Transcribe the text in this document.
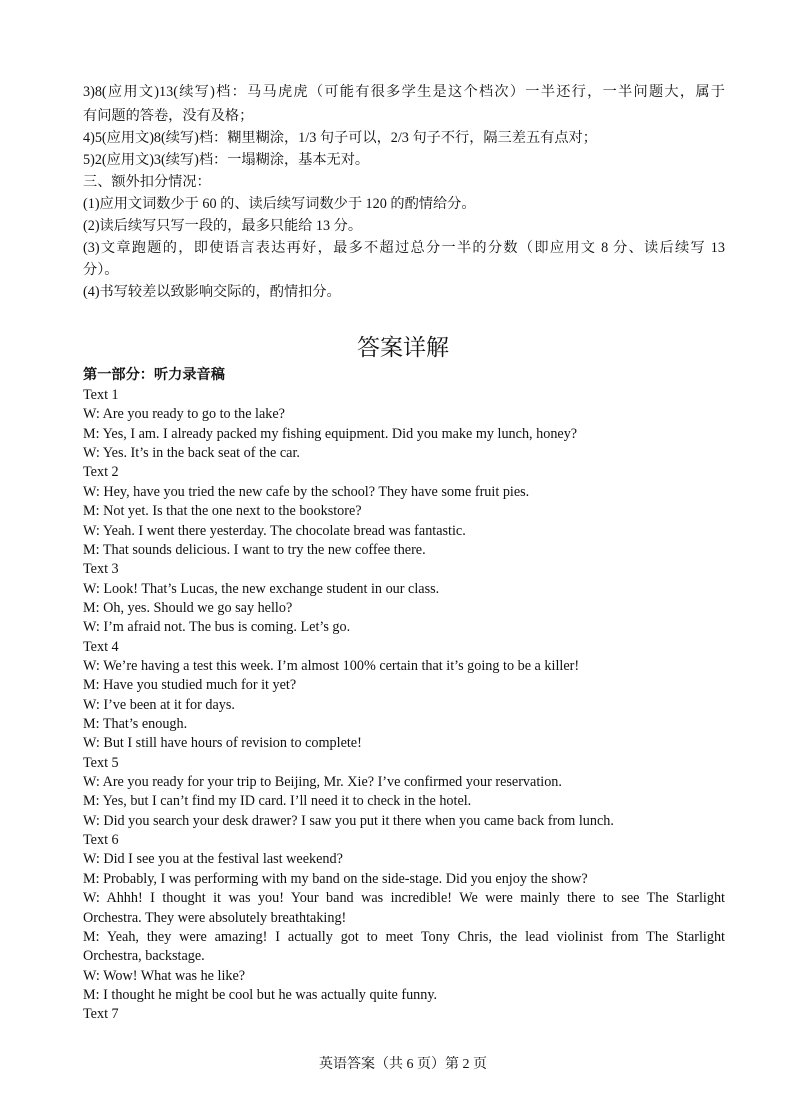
3)8(应用文)13(续写)档：马马虎虎（可能有很多学生是这个档次）一半还行，一半问题大，属于
有问题的答卷，没有及格；
4)5(应用文)8(续写)档：糊里糊涂，1/3 句子可以，2/3 句子不行，隔三差五有点对；
5)2(应用文)3(续写)档：一塌糊涂，基本无对。
三、额外扣分情况：
(1)应用文词数少于 60 的、读后续写词数少于 120 的酌情给分。
(2)读后续写只写一段的，最多只能给 13 分。
(3)文章跑题的，即使语言表达再好，最多不超过总分一半的分数（即应用文 8 分、读后续写 13
分）。
(4)书写较差以致影响交际的，酌情扣分。
答案详解
第一部分：听力录音稿
Text 1
W: Are you ready to go to the lake?
M: Yes, I am. I already packed my fishing equipment. Did you make my lunch, honey?
W: Yes. It’s in the back seat of the car.
Text 2
W: Hey, have you tried the new cafe by the school? They have some fruit pies.
M: Not yet. Is that the one next to the bookstore?
W: Yeah. I went there yesterday. The chocolate bread was fantastic.
M: That sounds delicious. I want to try the new coffee there.
Text 3
W: Look! That’s Lucas, the new exchange student in our class.
M: Oh, yes. Should we go say hello?
W: I’m afraid not. The bus is coming. Let’s go.
Text 4
W: We’re having a test this week. I’m almost 100% certain that it’s going to be a killer!
M: Have you studied much for it yet?
W: I’ve been at it for days.
M: That’s enough.
W: But I still have hours of revision to complete!
Text 5
W: Are you ready for your trip to Beijing, Mr. Xie? I’ve confirmed your reservation.
M: Yes, but I can’t find my ID card. I’ll need it to check in the hotel.
W: Did you search your desk drawer? I saw you put it there when you came back from lunch.
Text 6
W: Did I see you at the festival last weekend?
M: Probably, I was performing with my band on the side-stage. Did you enjoy the show?
W: Ahhh! I thought it was you! Your band was incredible! We were mainly there to see The Starlight
Orchestra. They were absolutely breathtaking!
M: Yeah, they were amazing! I actually got to meet Tony Chris, the lead violinist from The Starlight
Orchestra, backstage.
W: Wow! What was he like?
M: I thought he might be cool but he was actually quite funny.
Text 7
英语答案（共 6 页）第 2 页
